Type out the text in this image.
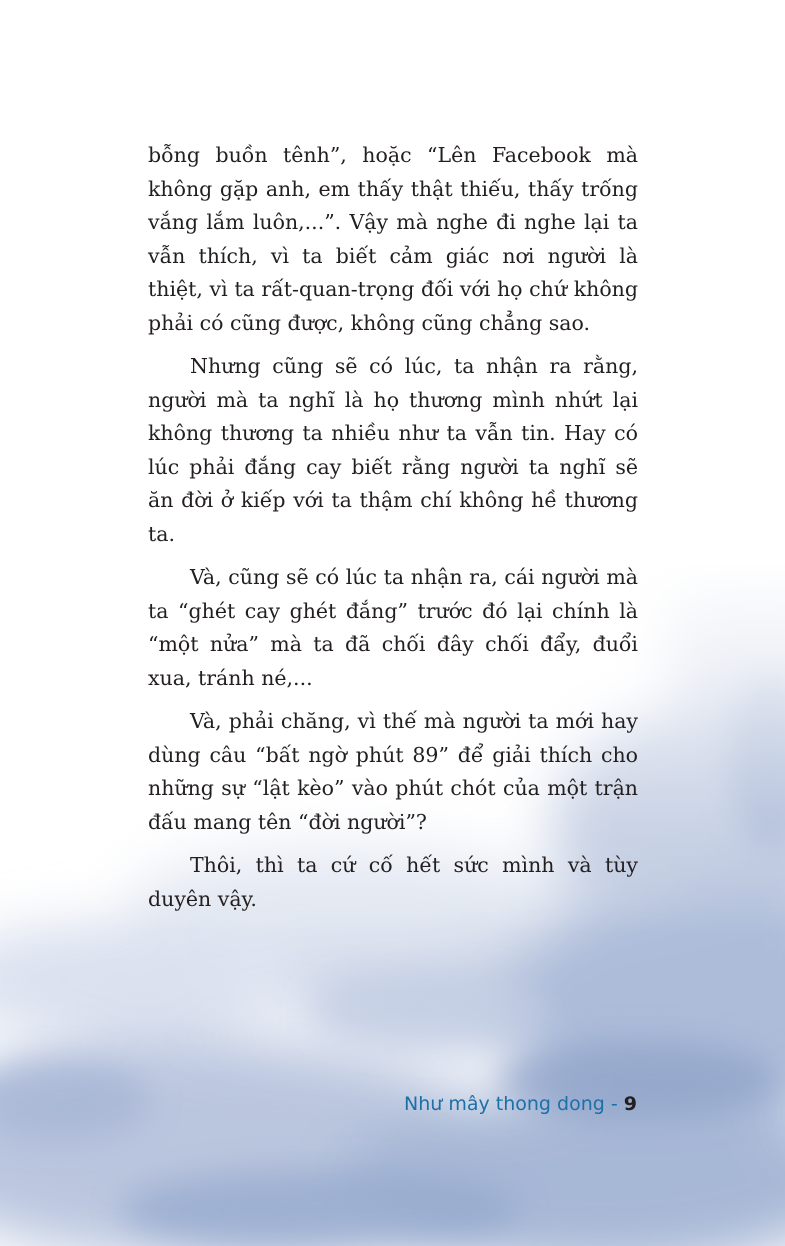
bỗng buồn tênh”, hoặc “Lên Facebook mà không gặp anh, em thấy thật thiếu, thấy trống vắng lắm luôn,...”. Vậy mà nghe đi nghe lại ta vẫn thích, vì ta biết cảm giác nơi người là thiệt, vì ta rất-quan-trọng đối với họ chứ không phải có cũng được, không cũng chẳng sao.

Nhưng cũng sẽ có lúc, ta nhận ra rằng, người mà ta nghĩ là họ thương mình nhứt lại không thương ta nhiều như ta vẫn tin. Hay có lúc phải đắng cay biết rằng người ta nghĩ sẽ ăn đời ở kiếp với ta thậm chí không hề thương ta.

Và, cũng sẽ có lúc ta nhận ra, cái người mà ta “ghét cay ghét đắng” trước đó lại chính là “một nửa” mà ta đã chối đây chối đẩy, đuổi xua, tránh né,...

Và, phải chăng, vì thế mà người ta mới hay dùng câu “bất ngờ phút 89” để giải thích cho những sự “lật kèo” vào phút chót của một trận đấu mang tên “đời người”?

Thôi, thì ta cứ cố hết sức mình và tùy duyên vậy.

Như mây thong dong - 9
